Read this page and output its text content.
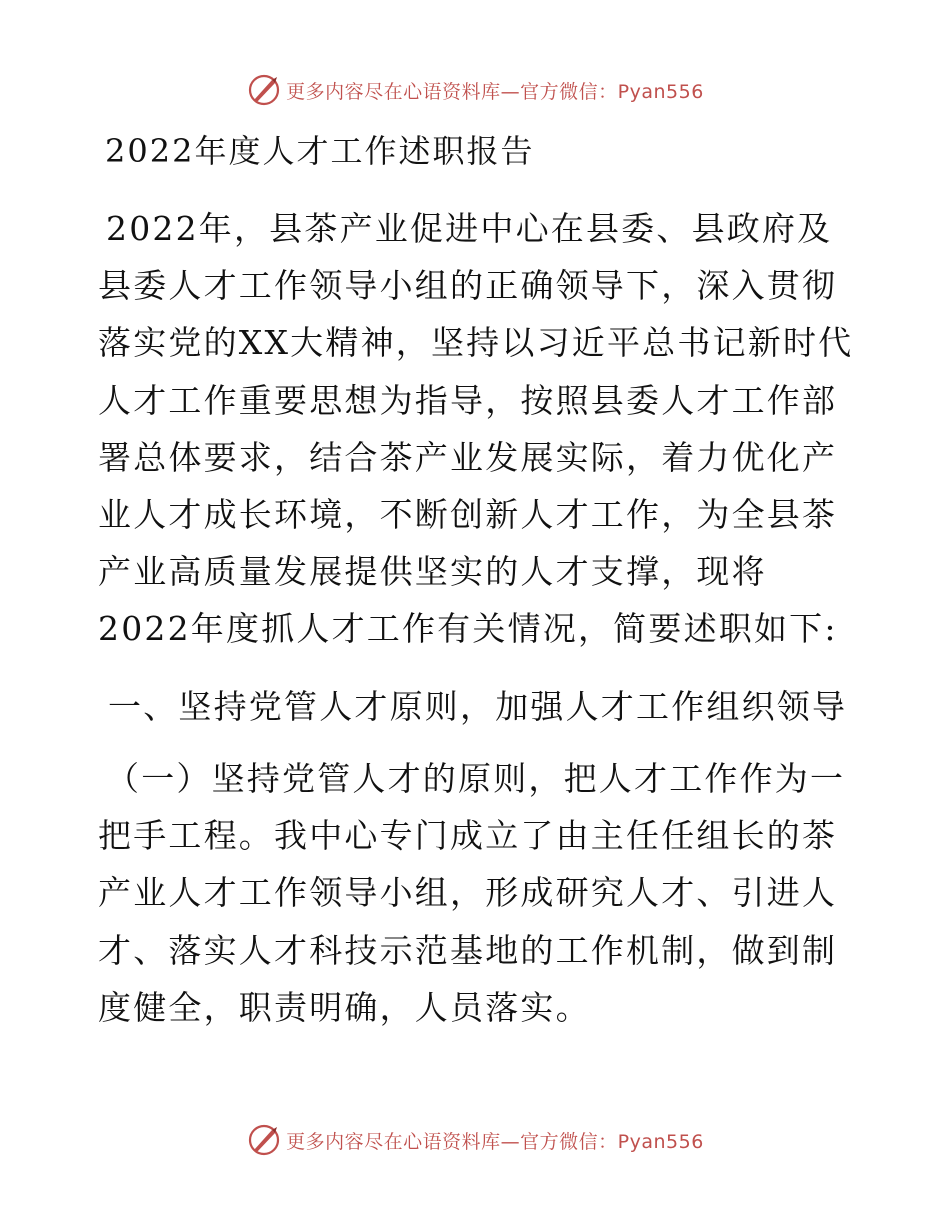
更多内容尽在心语资料库—官方微信：Pyan556
2022年度人才工作述职报告
2022年，县茶产业促进中心在县委、县政府及县委人才工作领导小组的正确领导下，深入贯彻落实党的XX大精神，坚持以习近平总书记新时代人才工作重要思想为指导，按照县委人才工作部署总体要求，结合茶产业发展实际，着力优化产业人才成长环境，不断创新人才工作，为全县茶产业高质量发展提供坚实的人才支撑，现将2022年度抓人才工作有关情况，简要述职如下:
一、坚持党管人才原则，加强人才工作组织领导
（一）坚持党管人才的原则，把人才工作作为一把手工程。我中心专门成立了由主任任组长的茶产业人才工作领导小组，形成研究人才、引进人才、落实人才科技示范基地的工作机制，做到制度健全，职责明确，人员落实。
更多内容尽在心语资料库—官方微信：Pyan556
